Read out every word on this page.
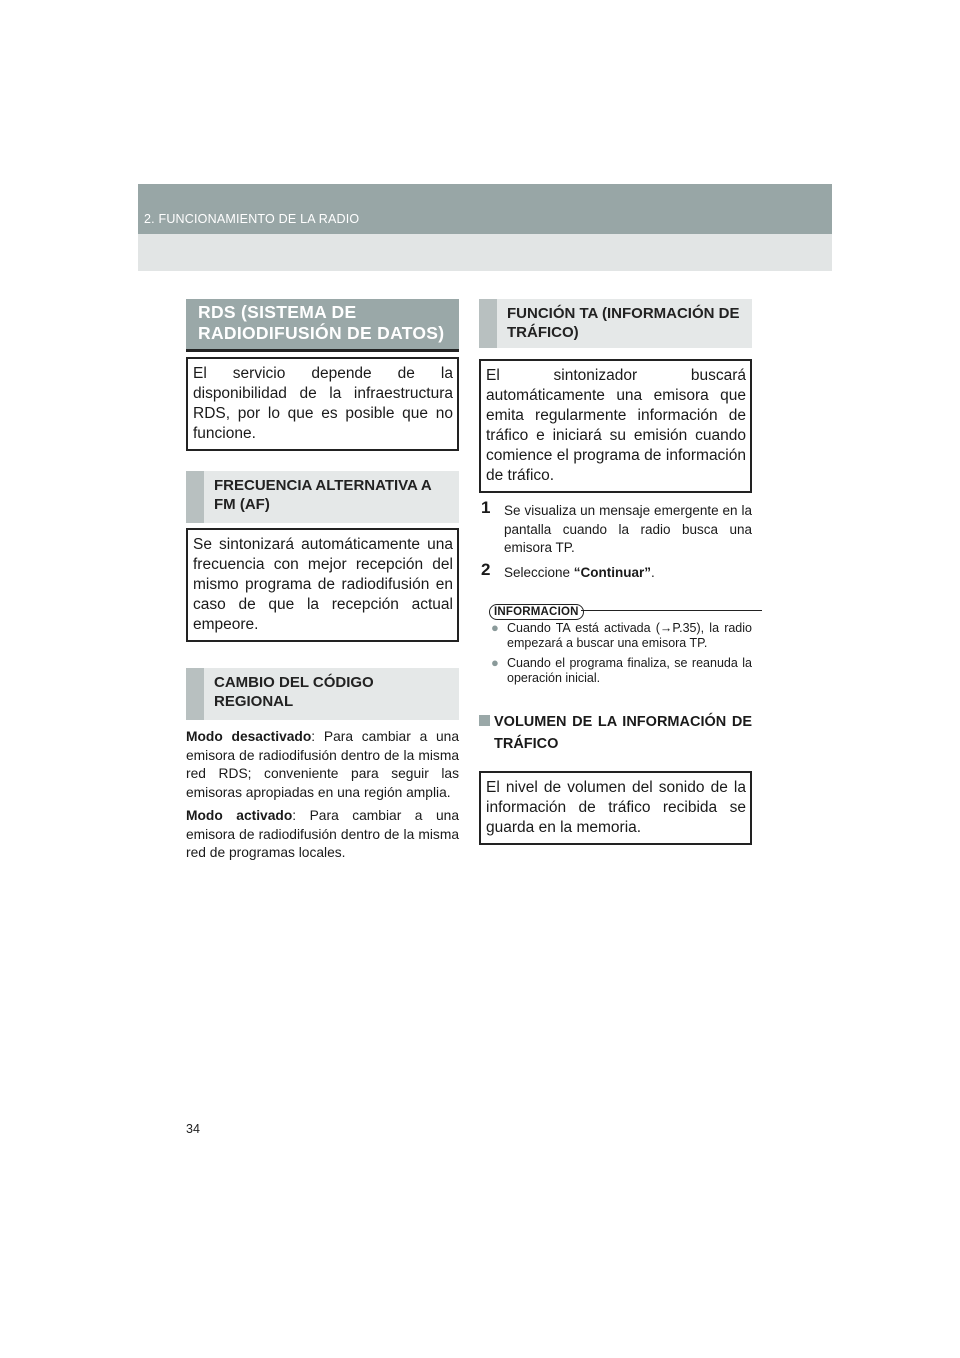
2. FUNCIONAMIENTO DE LA RADIO
RDS (SISTEMA DE RADIODIFUSIÓN DE DATOS)
El servicio depende de la disponibilidad de la infraestructura RDS, por lo que es posible que no funcione.
FRECUENCIA ALTERNATIVA A FM (AF)
Se sintonizará automáticamente una frecuencia con mejor recepción del mismo programa de radiodifusión en caso de que la recepción actual empeore.
CAMBIO DEL CÓDIGO REGIONAL

Modo desactivado: Para cambiar a una emisora de radiodifusión dentro de la misma red RDS; conveniente para seguir las emisoras apropiadas en una región amplia.

Modo activado: Para cambiar a una emisora de radiodifusión dentro de la misma red de programas locales.

FUNCIÓN TA (INFORMACIÓN DE TRÁFICO)
El sintonizador buscará automáticamente una emisora que emita regularmente información de tráfico e iniciará su emisión cuando comience el programa de información de tráfico.
1 Se visualiza un mensaje emergente en la pantalla cuando la radio busca una emisora TP.
2 Seleccione “Continuar”.
INFORMACION
● Cuando TA está activada (→P.35), la radio empezará a buscar una emisora TP.
● Cuando el programa finaliza, se reanuda la operación inicial.
VOLUMEN DE LA INFORMACIÓN DE TRÁFICO
El nivel de volumen del sonido de la información de tráfico recibida se guarda en la memoria.
34
